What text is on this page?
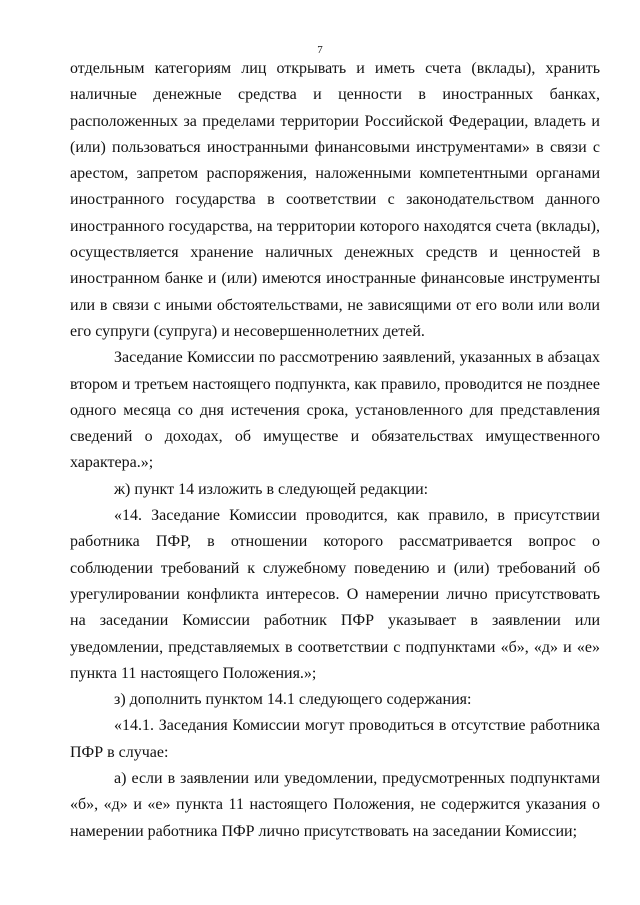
7

отдельным категориям лиц открывать и иметь счета (вклады), хранить наличные денежные средства и ценности в иностранных банках, расположенных за пределами территории Российской Федерации, владеть и (или) пользоваться иностранными финансовыми инструментами» в связи с арестом, запретом распоряжения, наложенными компетентными органами иностранного государства в соответствии с законодательством данного иностранного государства, на территории которого находятся счета (вклады), осуществляется хранение наличных денежных средств и ценностей в иностранном банке и (или) имеются иностранные финансовые инструменты или в связи с иными обстоятельствами, не зависящими от его воли или воли его супруги (супруга) и несовершеннолетних детей.

Заседание Комиссии по рассмотрению заявлений, указанных в абзацах втором и третьем настоящего подпункта, как правило, проводится не позднее одного месяца со дня истечения срока, установленного для представления сведений о доходах, об имуществе и обязательствах имущественного характера.»;

ж) пункт 14 изложить в следующей редакции:

«14. Заседание Комиссии проводится, как правило, в присутствии работника ПФР, в отношении которого рассматривается вопрос о соблюдении требований к служебному поведению и (или) требований об урегулировании конфликта интересов. О намерении лично присутствовать на заседании Комиссии работник ПФР указывает в заявлении или уведомлении, представляемых в соответствии с подпунктами «б», «д» и «е» пункта 11 настоящего Положения.»;

з) дополнить пунктом 14.1 следующего содержания:

«14.1. Заседания Комиссии могут проводиться в отсутствие работника ПФР в случае:

а) если в заявлении или уведомлении, предусмотренных подпунктами «б», «д» и «е» пункта 11 настоящего Положения, не содержится указания о намерении работника ПФР лично присутствовать на заседании Комиссии;
